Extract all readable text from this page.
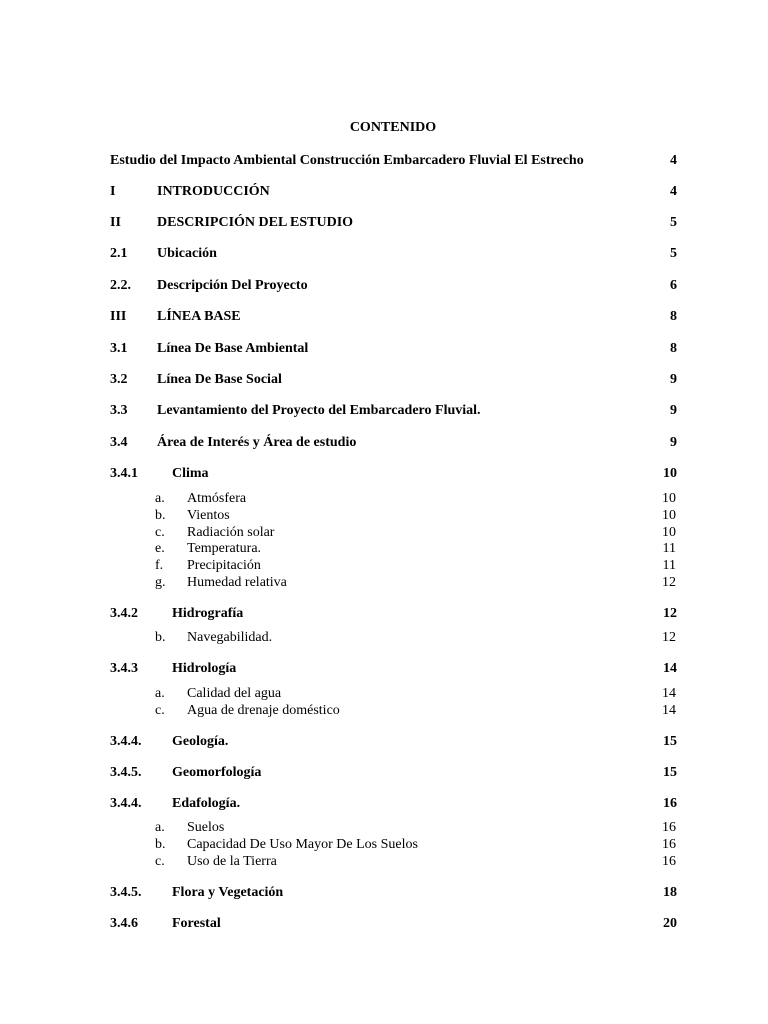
CONTENIDO
Estudio del Impacto Ambiental Construcción Embarcadero Fluvial El Estrecho	4
I	INTRODUCCIÓN	4
II	DESCRIPCIÓN DEL ESTUDIO	5
2.1 Ubicación	5
2.2. Descripción Del Proyecto	6
III LÍNEA BASE	8
3.1 Línea De Base Ambiental	8
3.2 Línea De Base Social	9
3.3 Levantamiento del Proyecto del Embarcadero Fluvial.	9
3.4 Área de Interés y Área de estudio	9
3.4.1 Clima	10
a. Atmósfera	10
b. Vientos	10
c. Radiación solar	10
e. Temperatura.	11
f. Precipitación	11
g. Humedad relativa	12
3.4.2 Hidrografía	12
b. Navegabilidad.	12
3.4.3 Hidrología	14
a. Calidad del agua	14
c. Agua de drenaje doméstico	14
3.4.4. Geología.	15
3.4.5. Geomorfología	15
3.4.4. Edafología.	16
a. Suelos	16
b. Capacidad De Uso Mayor De Los Suelos	16
c. Uso de la Tierra	16
3.4.5. Flora y Vegetación	18
3.4.6 Forestal	20
